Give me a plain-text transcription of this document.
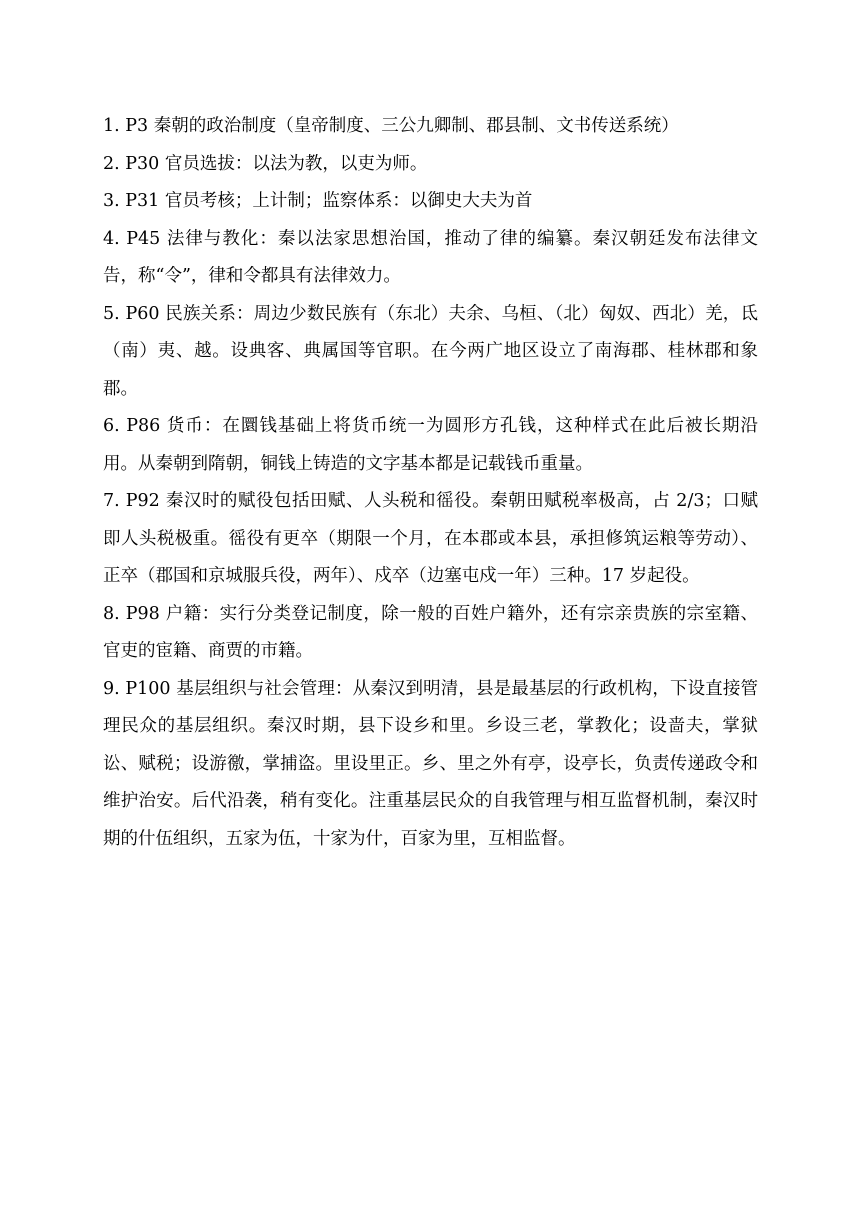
1. P3 秦朝的政治制度（皇帝制度、三公九卿制、郡县制、文书传送系统）

2. P30 官员选拔：以法为教，以吏为师。

3. P31 官员考核；上计制；监察体系：以御史大夫为首

4. P45 法律与教化：秦以法家思想治国，推动了律的编纂。秦汉朝廷发布法律文告，称“令”，律和令都具有法律效力。

5. P60 民族关系：周边少数民族有（东北）夫余、乌桓、（北）匈奴、西北）羌，氐（南）夷、越。设典客、典属国等官职。在今两广地区设立了南海郡、桂林郡和象郡。

6. P86 货币：在圜钱基础上将货币统一为圆形方孔钱，这种样式在此后被长期沿用。从秦朝到隋朝，铜钱上铸造的文字基本都是记载钱币重量。

7. P92 秦汉时的赋役包括田赋、人头税和徭役。秦朝田赋税率极高，占 2/3；口赋即人头税极重。徭役有更卒（期限一个月，在本郡或本县，承担修筑运粮等劳动）、正卒（郡国和京城服兵役，两年）、戍卒（边塞屯戍一年）三种。17 岁起役。

8. P98 户籍：实行分类登记制度，除一般的百姓户籍外，还有宗亲贵族的宗室籍、官吏的宦籍、商贾的市籍。

9. P100 基层组织与社会管理：从秦汉到明清，县是最基层的行政机构，下设直接管理民众的基层组织。秦汉时期，县下设乡和里。乡设三老，掌教化；设啬夫，掌狱讼、赋税；设游徼，掌捕盗。里设里正。乡、里之外有亭，设亭长，负责传递政令和维护治安。后代沿袭，稍有变化。注重基层民众的自我管理与相互监督机制，秦汉时期的什伍组织，五家为伍，十家为什，百家为里，互相监督。
